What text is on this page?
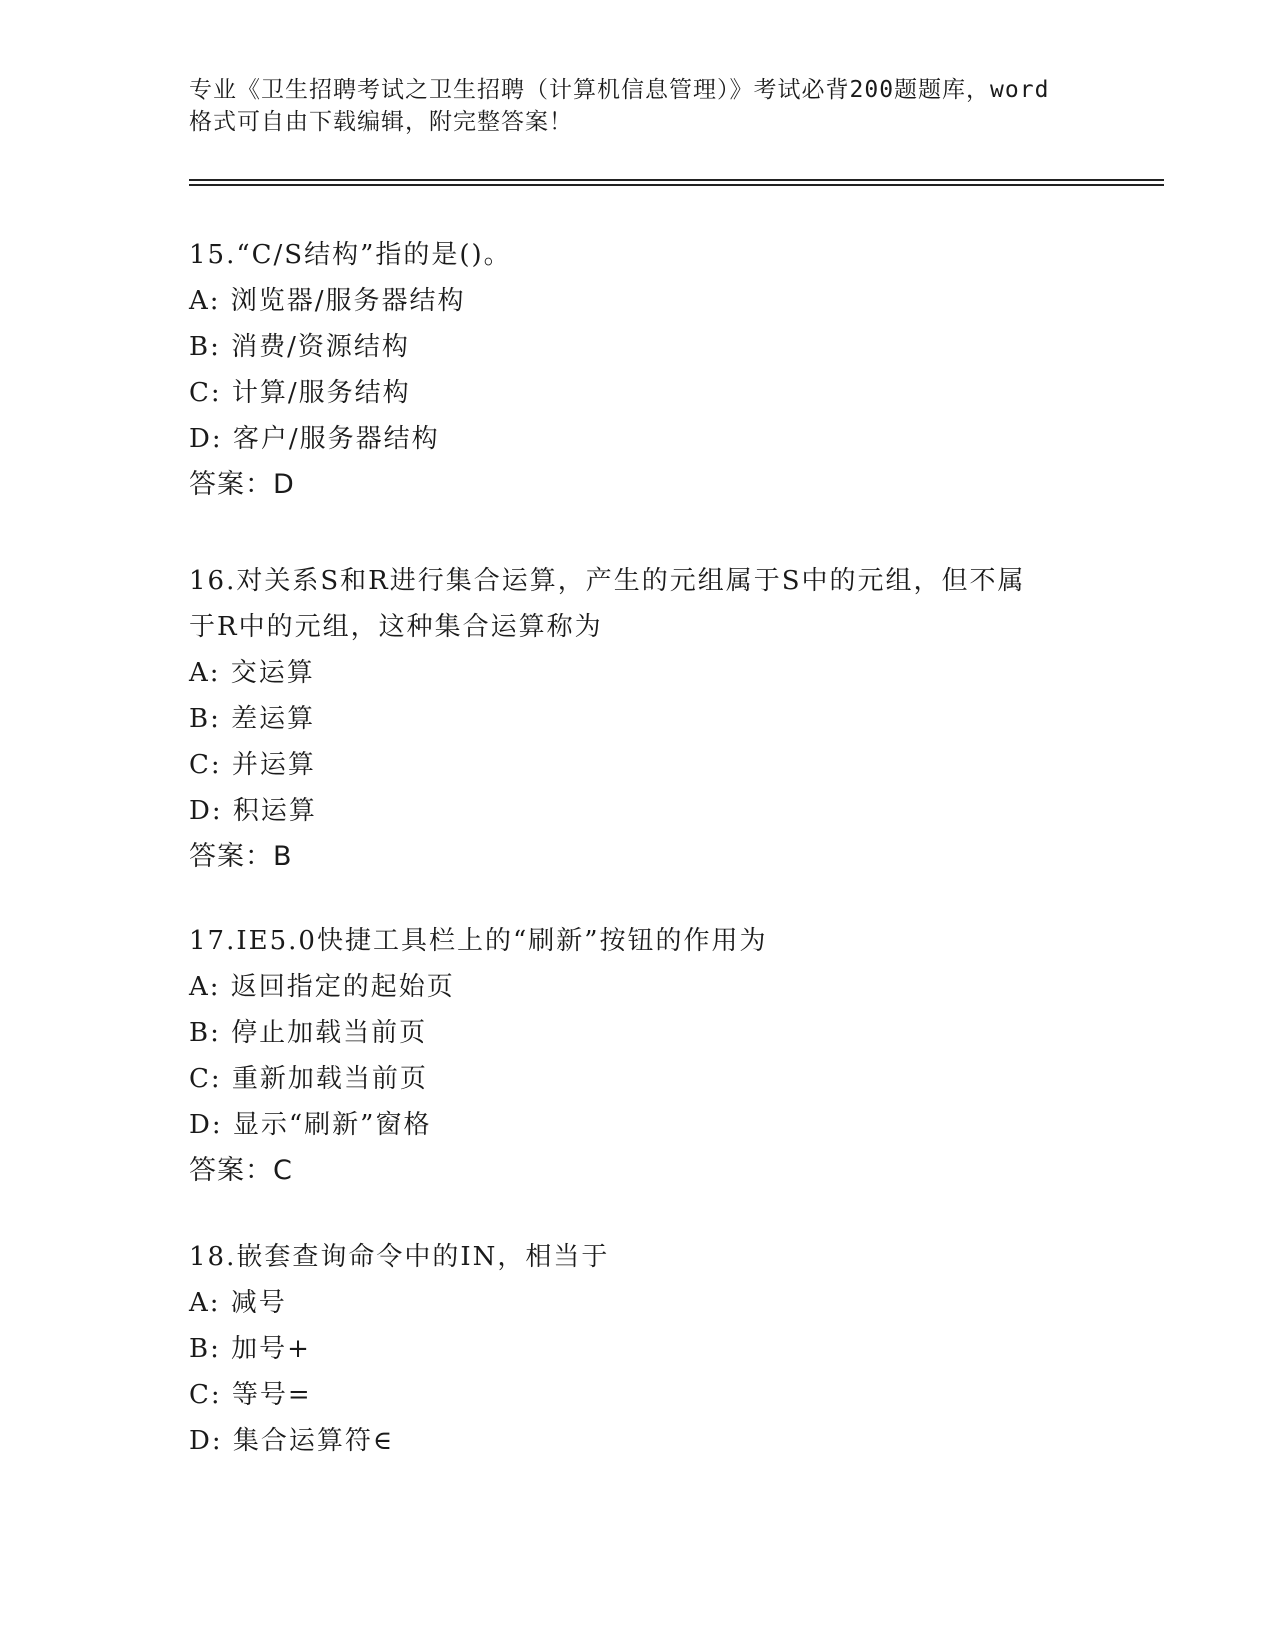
专业《卫生招聘考试之卫生招聘（计算机信息管理）》考试必背200题题库，word
格式可自由下载编辑，附完整答案！
15.“C/S结构”指的是()。
A: 浏览器/服务器结构
B: 消费/资源结构
C: 计算/服务结构
D: 客户/服务器结构
答案：D
16.对关系S和R进行集合运算，产生的元组属于S中的元组，但不属
于R中的元组，这种集合运算称为
A: 交运算
B: 差运算
C: 并运算
D: 积运算
答案：B
17.IE5.0快捷工具栏上的“刷新”按钮的作用为
A: 返回指定的起始页
B: 停止加载当前页
C: 重新加载当前页
D: 显示“刷新”窗格
答案：C
18.嵌套查询命令中的IN，相当于
A: 减号
B: 加号+
C: 等号=
D: 集合运算符∈
